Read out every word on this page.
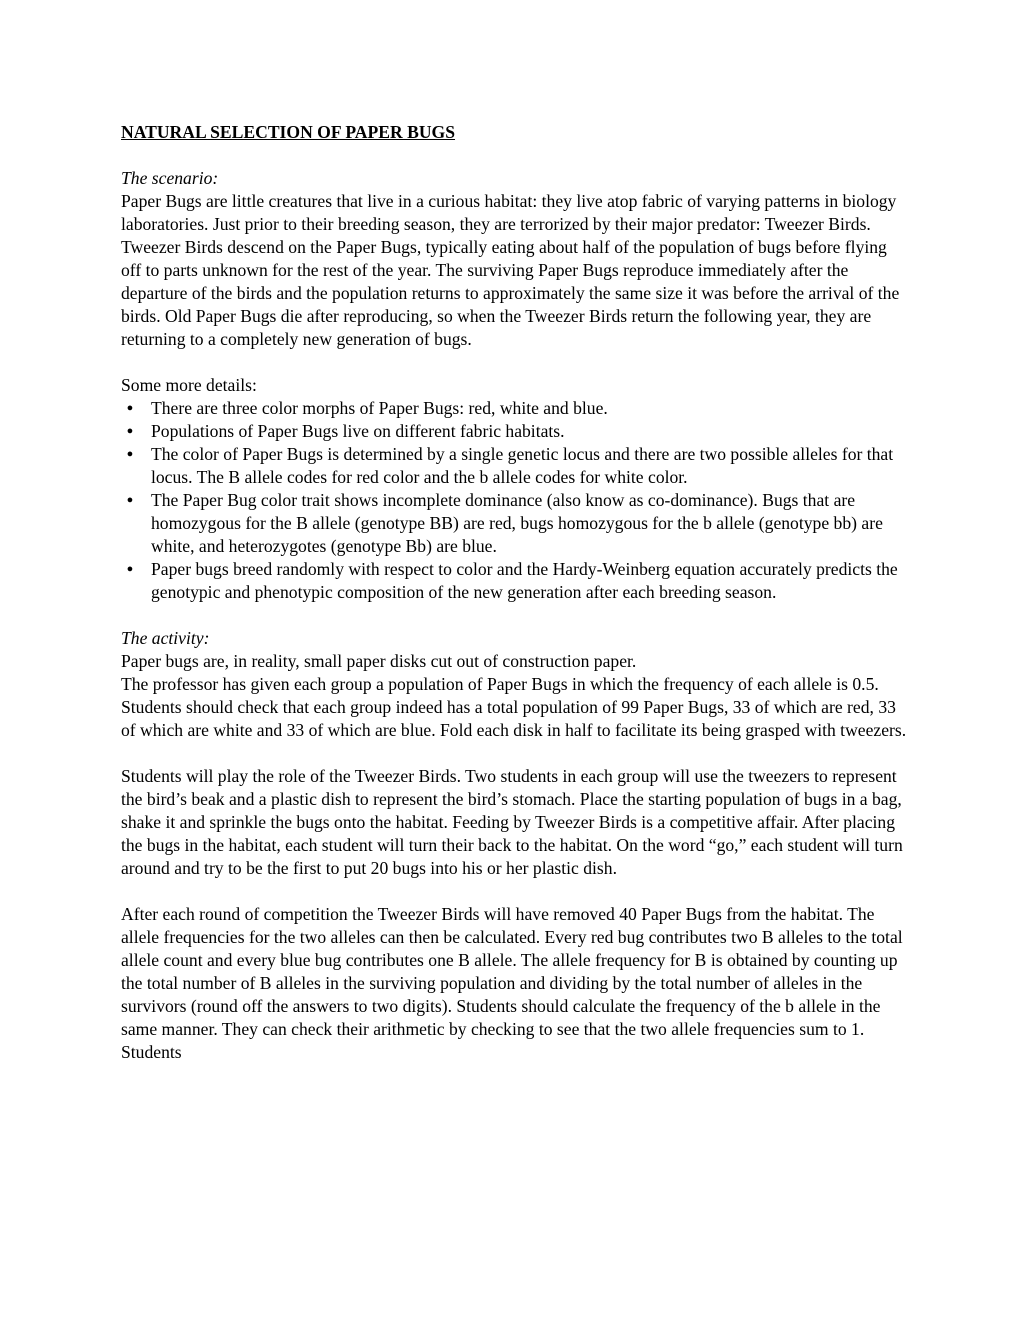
NATURAL SELECTION OF PAPER BUGS

The scenario:

Paper Bugs are little creatures that live in a curious habitat: they live atop fabric of varying patterns in biology laboratories. Just prior to their breeding season, they are terrorized by their major predator: Tweezer Birds. Tweezer Birds descend on the Paper Bugs, typically eating about half of the population of bugs before flying off to parts unknown for the rest of the year. The surviving Paper Bugs reproduce immediately after the departure of the birds and the population returns to approximately the same size it was before the arrival of the birds. Old Paper Bugs die after reproducing, so when the Tweezer Birds return the following year, they are returning to a completely new generation of bugs.

Some more details:

● There are three color morphs of Paper Bugs: red, white and blue.
● Populations of Paper Bugs live on different fabric habitats.
● The color of Paper Bugs is determined by a single genetic locus and there are two possible alleles for that locus. The B allele codes for red color and the b allele codes for white color.
● The Paper Bug color trait shows incomplete dominance (also know as co-dominance). Bugs that are homozygous for the B allele (genotype BB) are red, bugs homozygous for the b allele (genotype bb) are white, and heterozygotes (genotype Bb) are blue.
● Paper bugs breed randomly with respect to color and the Hardy-Weinberg equation accurately predicts the genotypic and phenotypic composition of the new generation after each breeding season.

The activity:

Paper bugs are, in reality, small paper disks cut out of construction paper.

The professor has given each group a population of Paper Bugs in which the frequency of each allele is 0.5. Students should check that each group indeed has a total population of 99 Paper Bugs, 33 of which are red, 33 of which are white and 33 of which are blue. Fold each disk in half to facilitate its being grasped with tweezers.

Students will play the role of the Tweezer Birds. Two students in each group will use the tweezers to represent the bird’s beak and a plastic dish to represent the bird’s stomach. Place the starting population of bugs in a bag, shake it and sprinkle the bugs onto the habitat. Feeding by Tweezer Birds is a competitive affair. After placing the bugs in the habitat, each student will turn their back to the habitat. On the word “go,” each student will turn around and try to be the first to put 20 bugs into his or her plastic dish.

After each round of competition the Tweezer Birds will have removed 40 Paper Bugs from the habitat. The allele frequencies for the two alleles can then be calculated. Every red bug contributes two B alleles to the total allele count and every blue bug contributes one B allele. The allele frequency for B is obtained by counting up the total number of B alleles in the surviving population and dividing by the total number of alleles in the survivors (round off the answers to two digits). Students should calculate the frequency of the b allele in the same manner. They can check their arithmetic by checking to see that the two allele frequencies sum to 1. Students
